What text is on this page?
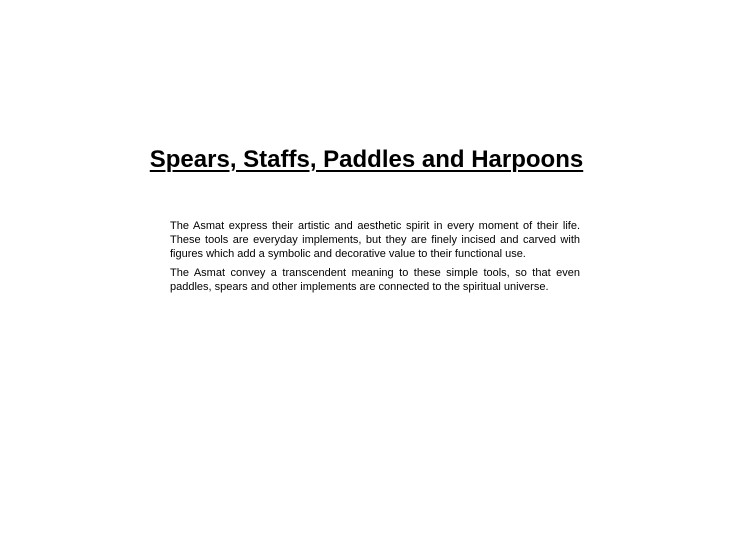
Spears, Staffs, Paddles and Harpoons

The Asmat express their artistic and aesthetic spirit in every moment of their life. These tools are everyday implements, but they are finely incised and carved with figures which add a symbolic and decorative value to their functional use.

The Asmat convey a transcendent meaning to these simple tools, so that even paddles, spears and other implements are connected to the spiritual universe.
